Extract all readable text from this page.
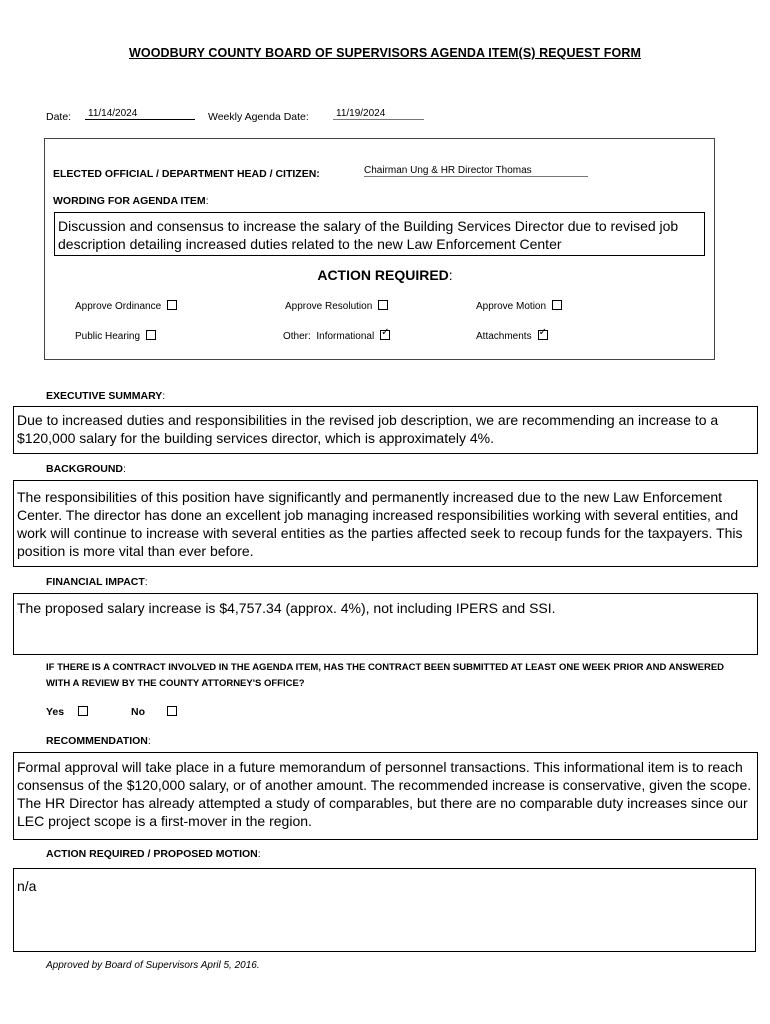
WOODBURY COUNTY BOARD OF SUPERVISORS AGENDA ITEM(S) REQUEST FORM
Date:	11/14/2024	Weekly Agenda Date:	11/19/2024
ELECTED OFFICIAL / DEPARTMENT HEAD / CITIZEN:	Chairman Ung & HR Director Thomas
WORDING FOR AGENDA ITEM:
Discussion and consensus to increase the salary of the Building Services Director due to revised job description detailing increased duties related to the new Law Enforcement Center
ACTION REQUIRED:
Approve Ordinance	Approve Resolution	Approve Motion
Public Hearing	Other: Informational✓	Attachments✓
EXECUTIVE SUMMARY:
Due to increased duties and responsibilities in the revised job description, we are recommending an increase to a $120,000 salary for the building services director, which is approximately 4%.
BACKGROUND:
The responsibilities of this position have significantly and permanently increased due to the new Law Enforcement Center. The director has done an excellent job managing increased responsibilities working with several entities, and work will continue to increase with several entities as the parties affected seek to recoup funds for the taxpayers. This position is more vital than ever before.
FINANCIAL IMPACT:
The proposed salary increase is $4,757.34 (approx. 4%), not including IPERS and SSI.
IF THERE IS A CONTRACT INVOLVED IN THE AGENDA ITEM, HAS THE CONTRACT BEEN SUBMITTED AT LEAST ONE WEEK PRIOR AND ANSWERED WITH A REVIEW BY THE COUNTY ATTORNEY'S OFFICE?
Yes	No
RECOMMENDATION:
Formal approval will take place in a future memorandum of personnel transactions. This informational item is to reach consensus of the $120,000 salary, or of another amount. The recommended increase is conservative, given the scope. The HR Director has already attempted a study of comparables, but there are no comparable duty increases since our LEC project scope is a first-mover in the region.
ACTION REQUIRED / PROPOSED MOTION:
n/a
Approved by Board of Supervisors April 5, 2016.
